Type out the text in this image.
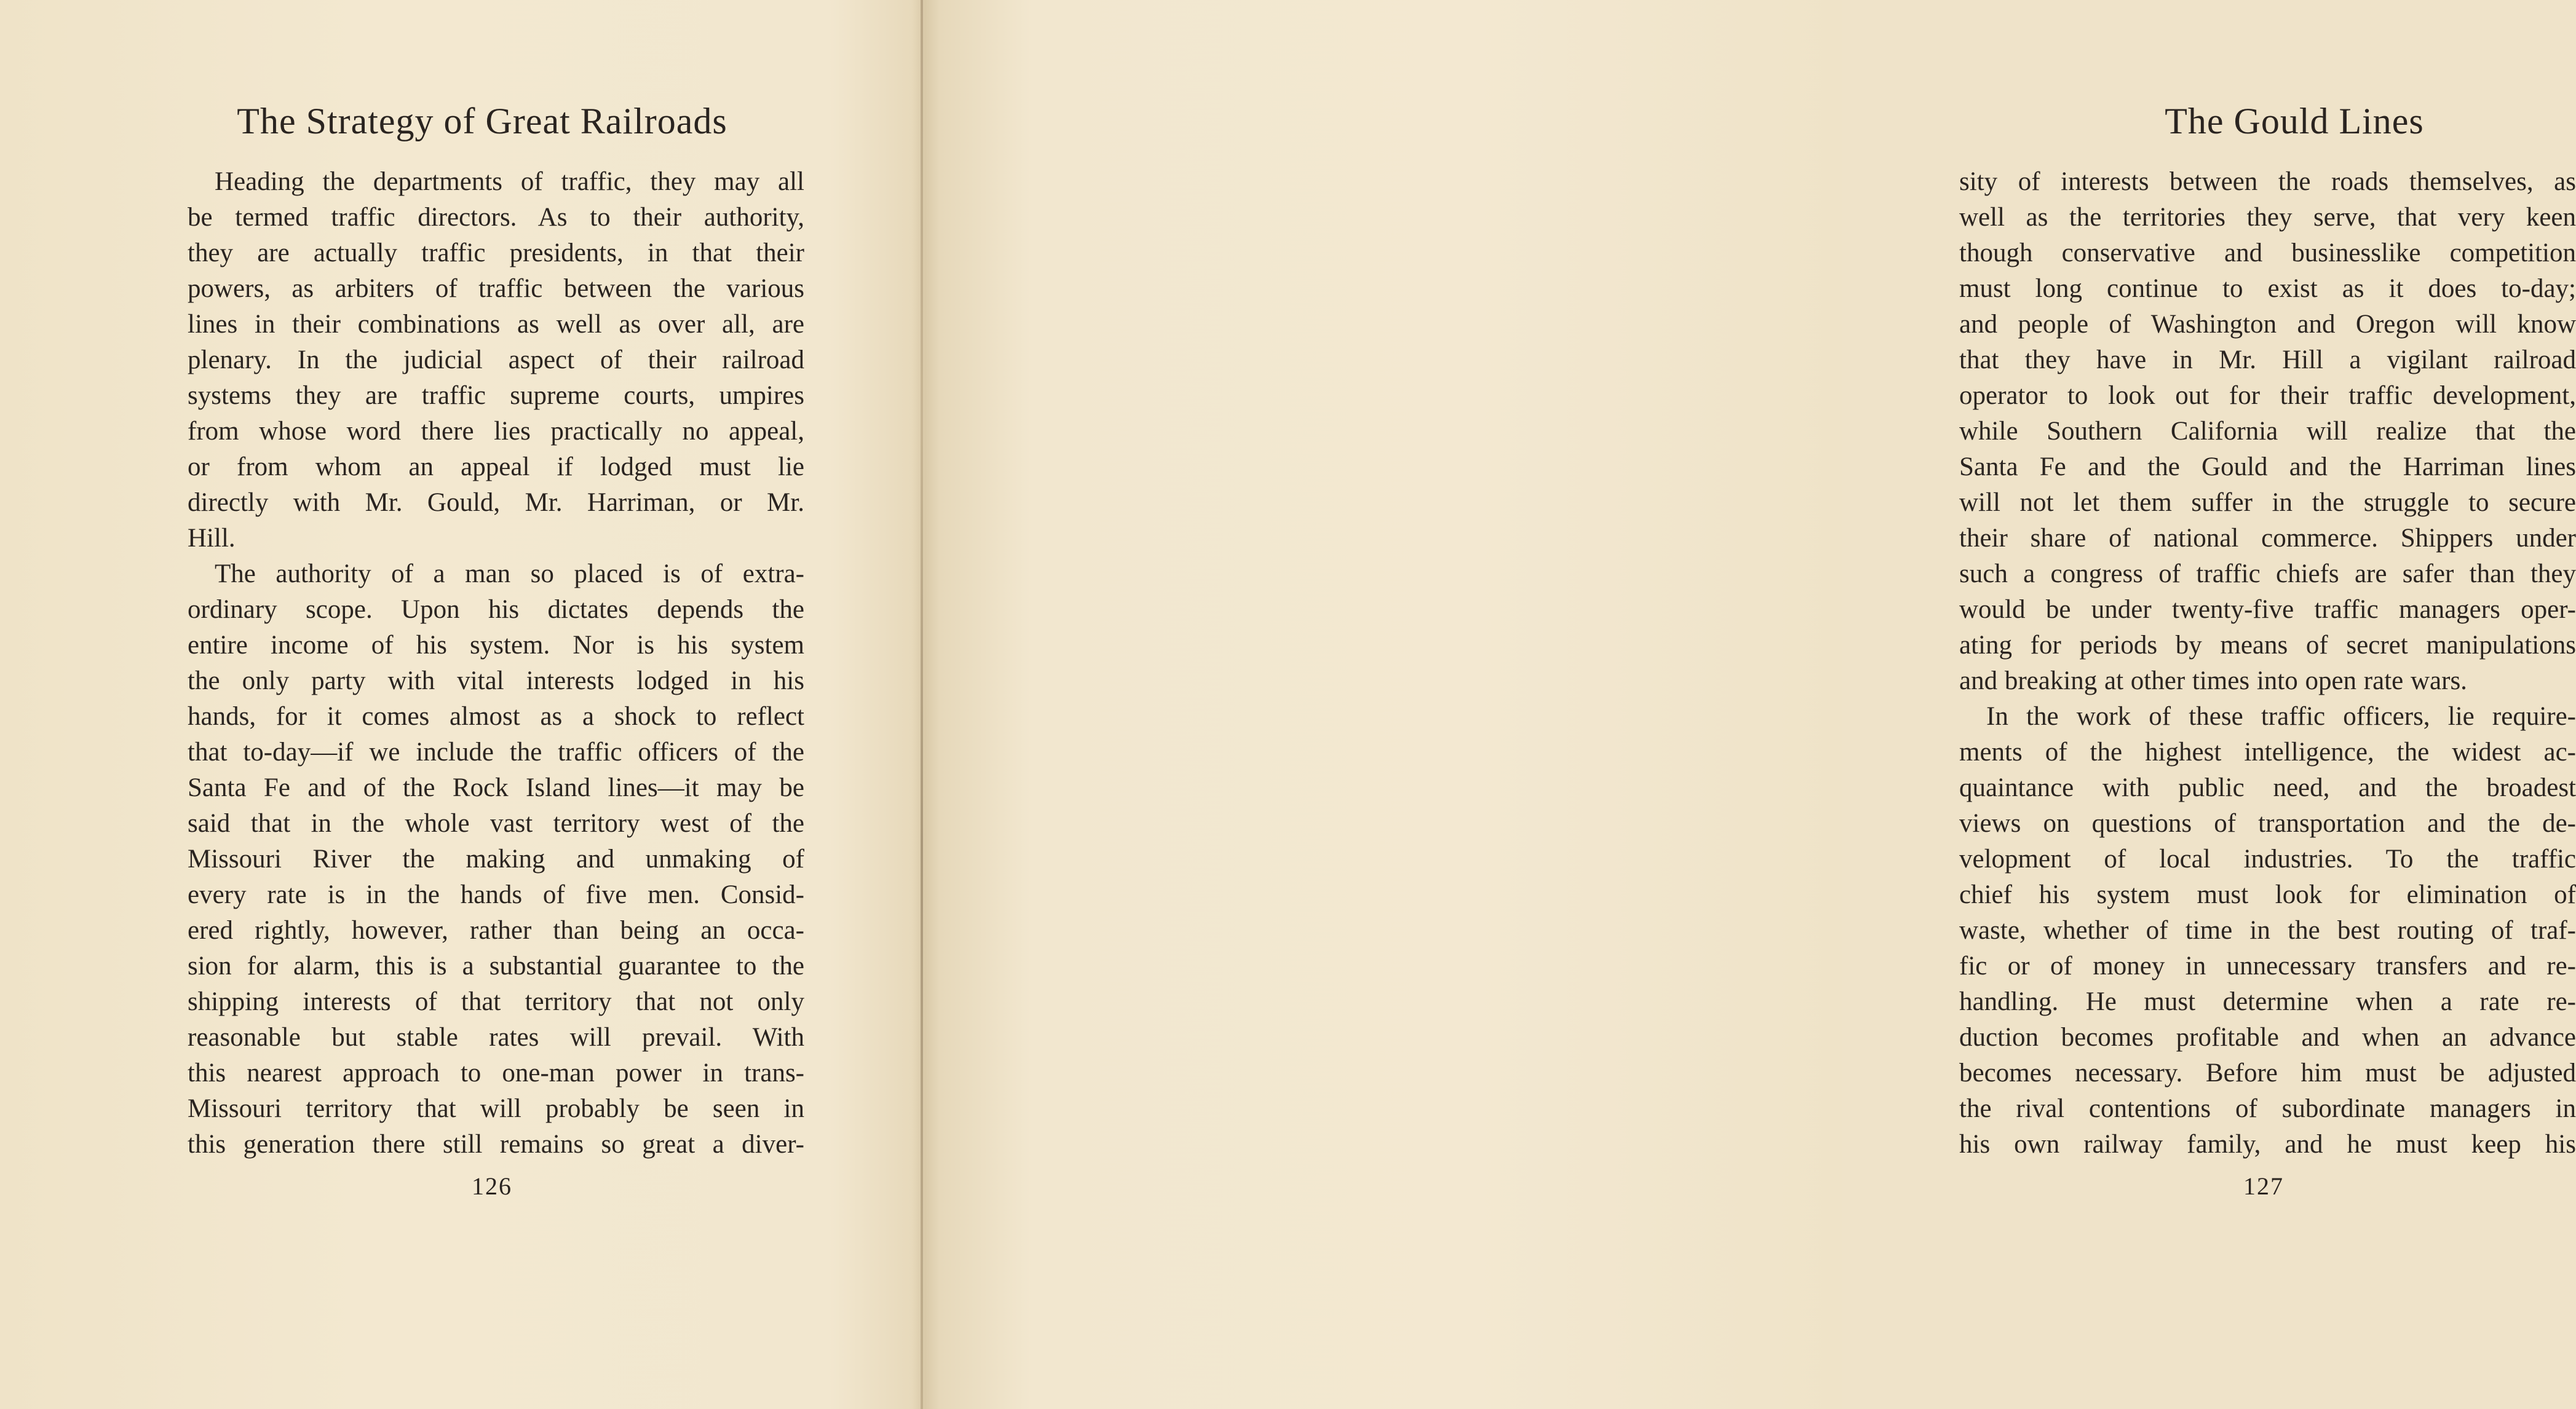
The Strategy of Great Railroads
Heading the departments of traffic, they may all
be termed traffic directors. As to their authority,
they are actually traffic presidents, in that their
powers, as arbiters of traffic between the various
lines in their combinations as well as over all, are
plenary. In the judicial aspect of their railroad
systems they are traffic supreme courts, umpires
from whose word there lies practically no appeal,
or from whom an appeal if lodged must lie
directly with Mr. Gould, Mr. Harriman, or Mr.
Hill.
The authority of a man so placed is of extra-
ordinary scope. Upon his dictates depends the
entire income of his system. Nor is his system
the only party with vital interests lodged in his
hands, for it comes almost as a shock to reflect
that to-day—if we include the traffic officers of the
Santa Fe and of the Rock Island lines—it may be
said that in the whole vast territory west of the
Missouri River the making and unmaking of
every rate is in the hands of five men. Consid-
ered rightly, however, rather than being an occa-
sion for alarm, this is a substantial guarantee to the
shipping interests of that territory that not only
reasonable but stable rates will prevail. With
this nearest approach to one-man power in trans-
Missouri territory that will probably be seen in
this generation there still remains so great a diver-
126
The Gould Lines
sity of interests between the roads themselves, as
well as the territories they serve, that very keen
though conservative and businesslike competition
must long continue to exist as it does to-day;
and people of Washington and Oregon will know
that they have in Mr. Hill a vigilant railroad
operator to look out for their traffic development,
while Southern California will realize that the
Santa Fe and the Gould and the Harriman lines
will not let them suffer in the struggle to secure
their share of national commerce. Shippers under
such a congress of traffic chiefs are safer than they
would be under twenty-five traffic managers oper-
ating for periods by means of secret manipulations
and breaking at other times into open rate wars.
In the work of these traffic officers, lie require-
ments of the highest intelligence, the widest ac-
quaintance with public need, and the broadest
views on questions of transportation and the de-
velopment of local industries. To the traffic
chief his system must look for elimination of
waste, whether of time in the best routing of traf-
fic or of money in unnecessary transfers and re-
handling. He must determine when a rate re-
duction becomes profitable and when an advance
becomes necessary. Before him must be adjusted
the rival contentions of subordinate managers in
his own railway family, and he must keep his
127
